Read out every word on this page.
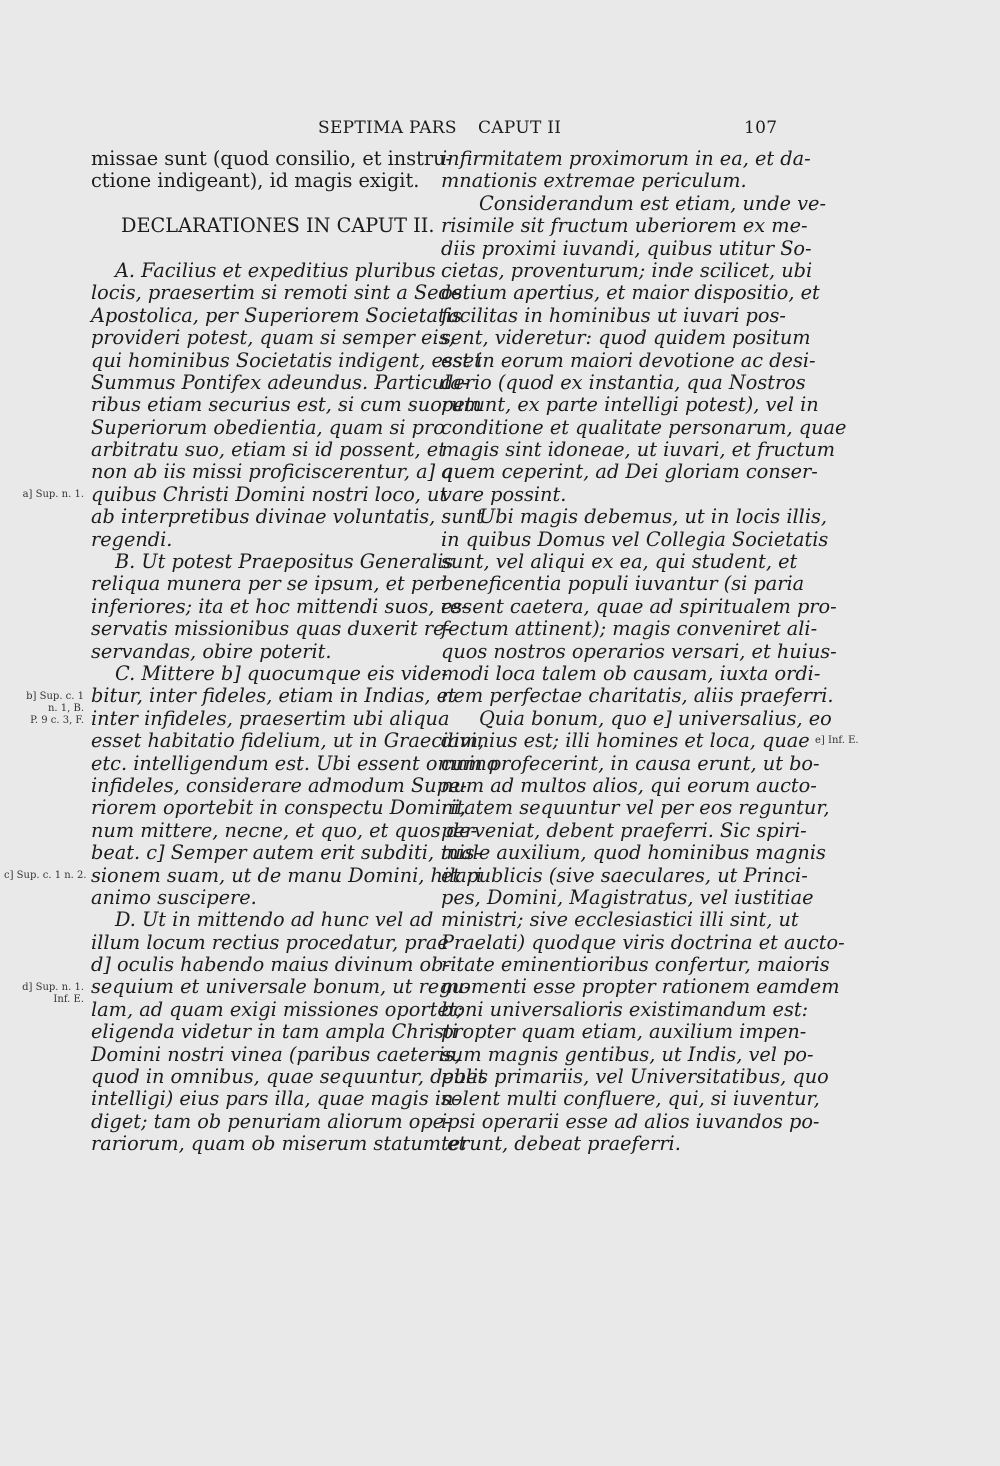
SEPTIMA PARS CAPUT II	107
missae sunt (quod consilio, et instru-
ctione indigeant), id magis exigit.
DECLARATIONES IN CAPUT II.
A. Facilius et expeditius pluribus
locis, praesertim si remoti sint a Sede
Apostolica, per Superiorem Societatis
provideri potest, quam si semper eis,
qui hominibus Societatis indigent, esset
Summus Pontifex adeundus. Particula-
ribus etiam securius est, si cum suorum
Superiorum obedientia, quam si pro
arbitratu suo, etiam si id possent, et
non ab iis missi proficiscerentur, a] a
quibus Christi Domini nostri loco, ut
ab interpretibus divinae voluntatis, sunt
regendi.
B. Ut potest Praepositus Generalis
reliqua munera per se ipsum, et per
inferiores; ita et hoc mittendi suos, re-
servatis missionibus quas duxerit re-
servandas, obire poterit.
C. Mittere b] quocumque eis vide-
bitur, inter fideles, etiam in Indias, et
inter infideles, praesertim ubi aliqua
esset habitatio fidelium, ut in Graeciam,
etc. intelligendum est. Ubi essent omnino
infideles, considerare admodum Supe-
riorem oportebit in conspectu Domini,
num mittere, necne, et quo, et quos de-
beat. c] Semper autem erit subditi, mis-
sionem suam, ut de manu Domini, hilari
animo suscipere.
D. Ut in mittendo ad hunc vel ad
illum locum rectius procedatur, prae
d] oculis habendo maius divinum ob-
sequium et universale bonum, ut regu-
lam, ad quam exigi missiones oportet;
eligenda videtur in tam ampla Christi
Domini nostri vinea (paribus caeteris,
quod in omnibus, quae sequuntur, debet
intelligi) eius pars illa, quae magis in-
diget; tam ob penuriam aliorum ope-
rariorum, quam ob miserum statum et
infirmitatem proximorum in ea, et da-
mnationis extremae periculum.
Considerandum est etiam, unde ve-
risimile sit fructum uberiorem ex me-
diis proximi iuvandi, quibus utitur So-
cietas, proventurum; inde scilicet, ubi
ostium apertius, et maior dispositio, et
facilitas in hominibus ut iuvari pos-
sent, videretur: quod quidem positum
est in eorum maiori devotione ac desi-
derio (quod ex instantia, qua Nostros
petunt, ex parte intelligi potest), vel in
conditione et qualitate personarum, quae
magis sint idoneae, ut iuvari, et fructum
quem ceperint, ad Dei gloriam conser-
vare possint.
Ubi magis debemus, ut in locis illis,
in quibus Domus vel Collegia Societatis
sunt, vel aliqui ex ea, qui student, et
beneficentia populi iuvantur (si paria
essent caetera, quae ad spiritualem pro-
fectum attinent); magis conveniret ali-
quos nostros operarios versari, et huius-
modi loca talem ob causam, iuxta ordi-
nem perfectae charitatis, aliis praeferri.
Quia bonum, quo e] universalius, eo
divinius est; illi homines et loca, quae
cum profecerint, in causa erunt, ut bo-
num ad multos alios, qui eorum aucto-
ritatem sequuntur vel per eos reguntur,
perveniat, debent praeferri. Sic spiri-
tuale auxilium, quod hominibus magnis
et publicis (sive saeculares, ut Princi-
pes, Domini, Magistratus, vel iustitiae
ministri; sive ecclesiastici illi sint, ut
Praelati) quodque viris doctrina et aucto-
ritate eminentioribus confertur, maioris
momenti esse propter rationem eamdem
boni universalioris existimandum est:
propter quam etiam, auxilium impen-
sum magnis gentibus, ut Indis, vel po-
pulis primariis, vel Universitatibus, quo
solent multi confluere, qui, si iuventur,
ipsi operarii esse ad alios iuvandos po-
terunt, debeat praeferri.
a] Sup. n. 1.
b] Sup. c. 1
n. 1, B.
P. 9 c. 3, F.
c] Sup. c. 1 n. 2.
d] Sup. n. 1.
Inf. E.
e] Inf. E.
